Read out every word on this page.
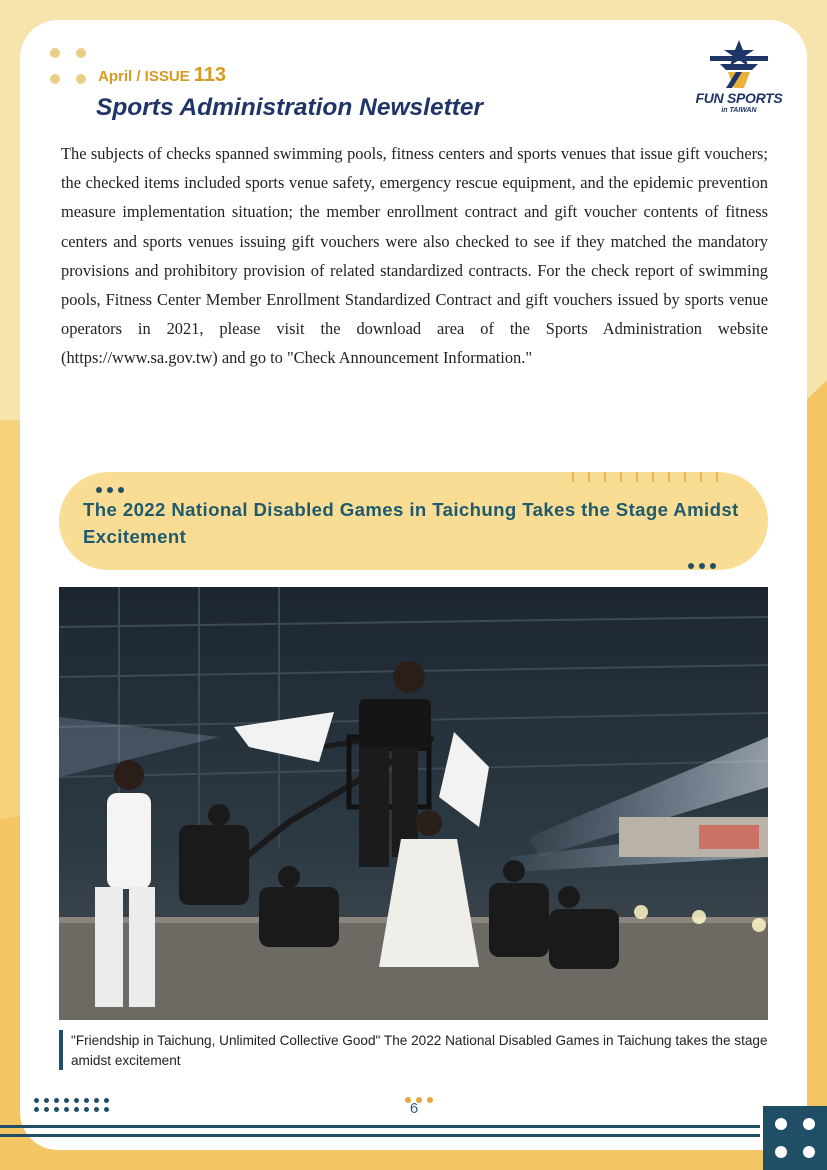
April / ISSUE 113
Sports Administration Newsletter	FUN SPORTS
in TAIWAN

The subjects of checks spanned swimming pools, fitness centers and sports venues that issue gift vouchers; the checked items included sports venue safety, emergency rescue equipment, and the epidemic prevention measure implementation situation; the member enrollment contract and gift voucher contents of fitness centers and sports venues issuing gift vouchers were also checked to see if they matched the mandatory provisions and prohibitory provision of related standardized contracts. For the check report of swimming pools, Fitness Center Member Enrollment Standardized Contract and gift vouchers issued by sports venue operators in 2021, please visit the download area of the Sports Administration website (https://www.sa.gov.tw) and go to "Check Announcement Information."

The 2022 National Disabled Games in Taichung Takes the Stage Amidst Excitement

"Friendship in Taichung, Unlimited Collective Good" The 2022 National Disabled Games in Taichung takes the stage amidst excitement

6
